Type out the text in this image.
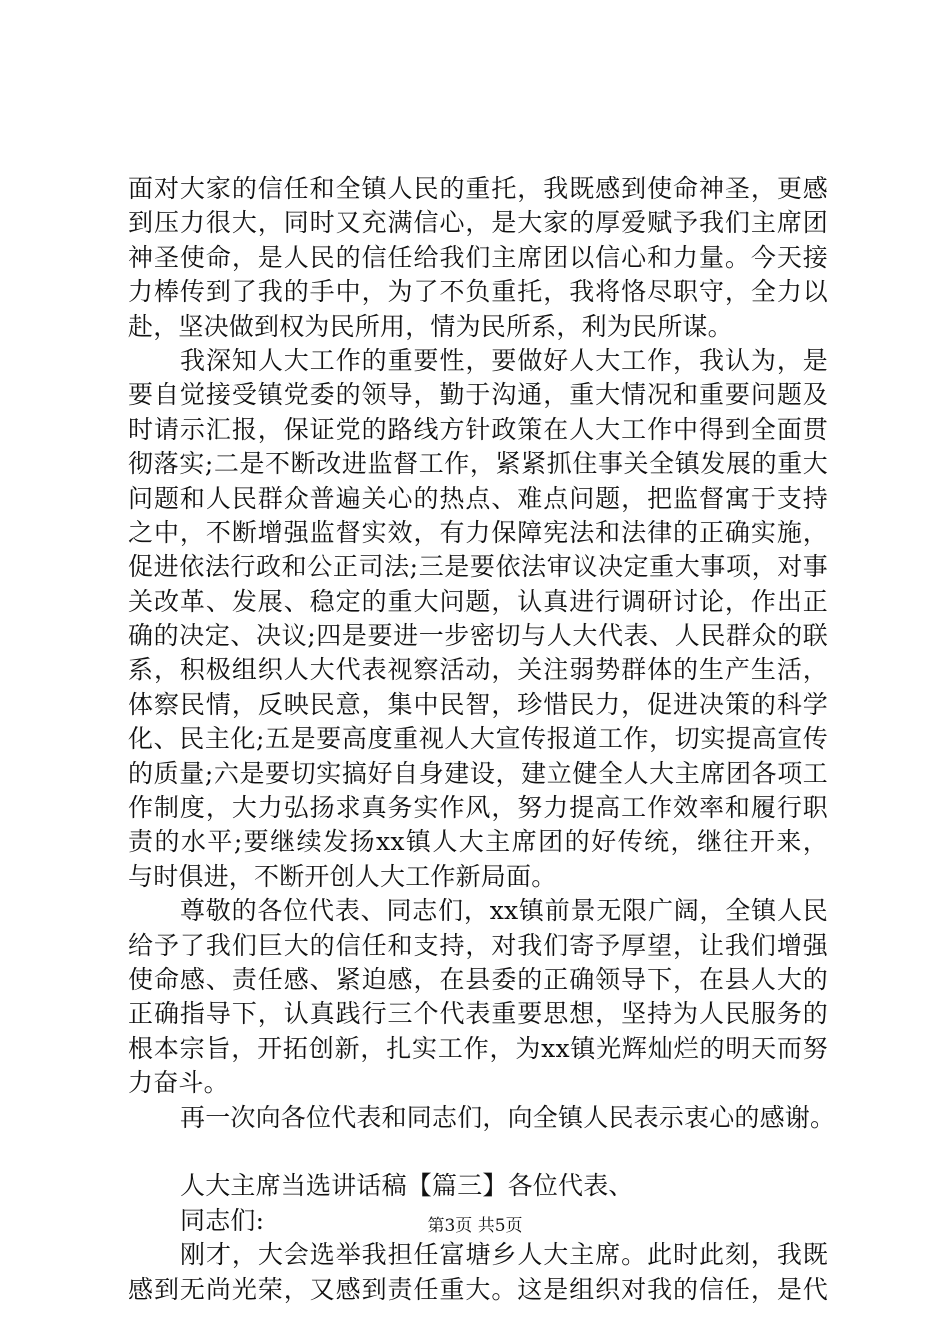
面对大家的信任和全镇人民的重托，我既感到使命神圣，更感
到压力很大，同时又充满信心，是大家的厚爱赋予我们主席团
神圣使命，是人民的信任给我们主席团以信心和力量。今天接
力棒传到了我的手中，为了不负重托，我将恪尽职守，全力以
赴，坚决做到权为民所用，情为民所系，利为民所谋。
我深知人大工作的重要性，要做好人大工作，我认为，是
要自觉接受镇党委的领导，勤于沟通，重大情况和重要问题及
时请示汇报，保证党的路线方针政策在人大工作中得到全面贯
彻落实;二是不断改进监督工作，紧紧抓住事关全镇发展的重大
问题和人民群众普遍关心的热点、难点问题，把监督寓于支持
之中，不断增强监督实效，有力保障宪法和法律的正确实施，
促进依法行政和公正司法;三是要依法审议决定重大事项，对事
关改革、发展、稳定的重大问题，认真进行调研讨论，作出正
确的决定、决议;四是要进一步密切与人大代表、人民群众的联
系，积极组织人大代表视察活动，关注弱势群体的生产生活，
体察民情，反映民意，集中民智，珍惜民力，促进决策的科学
化、民主化;五是要高度重视人大宣传报道工作，切实提高宣传
的质量;六是要切实搞好自身建设，建立健全人大主席团各项工
作制度，大力弘扬求真务实作风，努力提高工作效率和履行职
责的水平;要继续发扬xx镇人大主席团的好传统，继往开来，
与时俱进，不断开创人大工作新局面。
尊敬的各位代表、同志们，xx镇前景无限广阔，全镇人民
给予了我们巨大的信任和支持，对我们寄予厚望，让我们增强
使命感、责任感、紧迫感，在县委的正确领导下，在县人大的
正确指导下，认真践行三个代表重要思想，坚持为人民服务的
根本宗旨，开拓创新，扎实工作，为xx镇光辉灿烂的明天而努
力奋斗。
再一次向各位代表和同志们，向全镇人民表示衷心的感谢。
人大主席当选讲话稿【篇三】各位代表、
同志们:
刚才，大会选举我担任富塘乡人大主席。此时此刻，我既
感到无尚光荣，又感到责任重大。这是组织对我的信任，是代
第3页 共5页
